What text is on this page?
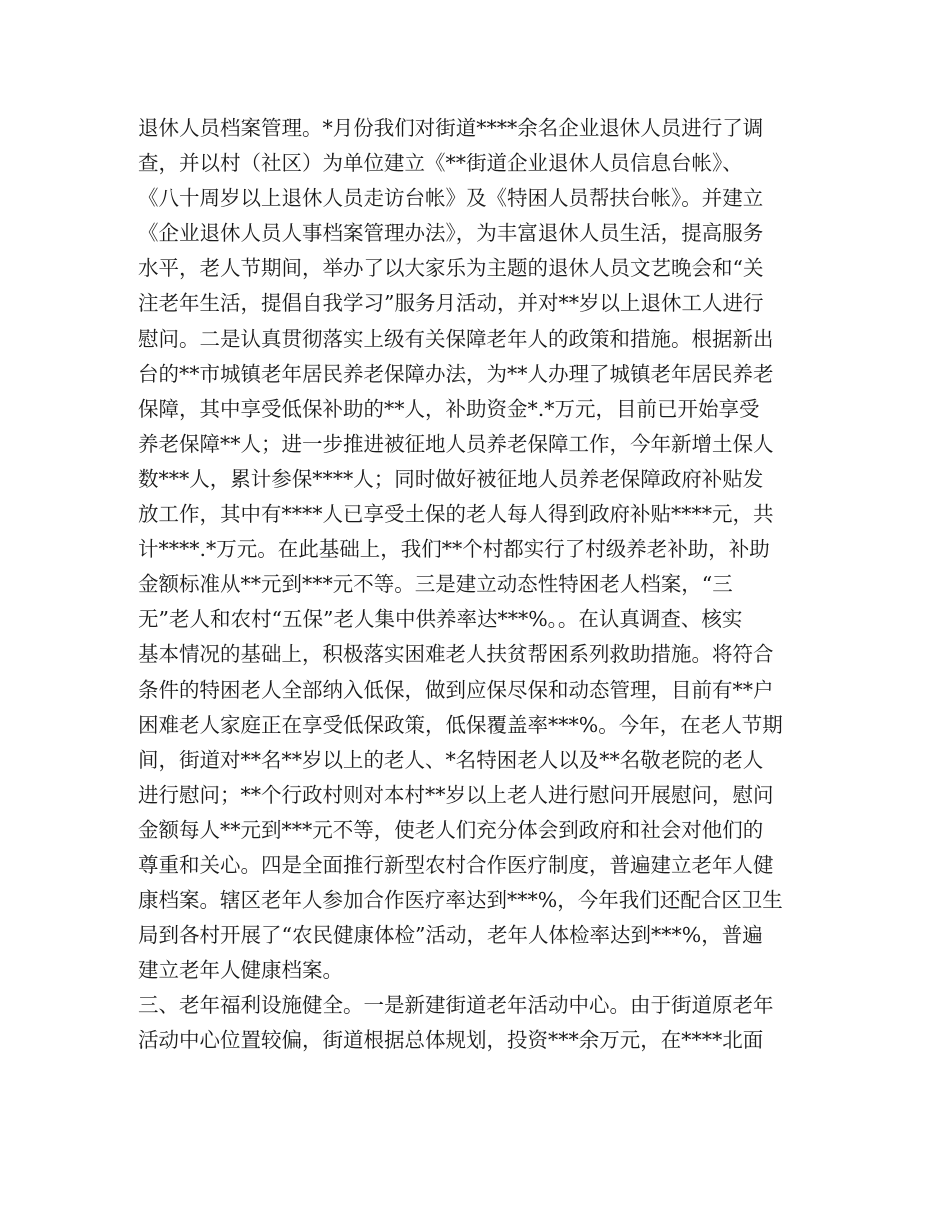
退休人员档案管理。*月份我们对街道****余名企业退休人员进行了调
查，并以村（社区）为单位建立《**街道企业退休人员信息台帐》、
《八十周岁以上退休人员走访台帐》及《特困人员帮扶台帐》。并建立
《企业退休人员人事档案管理办法》，为丰富退休人员生活，提高服务
水平，老人节期间，举办了以大家乐为主题的退休人员文艺晚会和“关
注老年生活，提倡自我学习”服务月活动，并对**岁以上退休工人进行
慰问。二是认真贯彻落实上级有关保障老年人的政策和措施。根据新出
台的**市城镇老年居民养老保障办法，为**人办理了城镇老年居民养老
保障，其中享受低保补助的**人，补助资金*.*万元，目前已开始享受
养老保障**人；进一步推进被征地人员养老保障工作，今年新增土保人
数***人，累计参保****人；同时做好被征地人员养老保障政府补贴发
放工作，其中有****人已享受土保的老人每人得到政府补贴****元，共
计****.*万元。在此基础上，我们**个村都实行了村级养老补助，补助
金额标准从**元到***元不等。三是建立动态性特困老人档案，“三
无”老人和农村“五保”老人集中供养率达***%。。在认真调查、核实
基本情况的基础上，积极落实困难老人扶贫帮困系列救助措施。将符合
条件的特困老人全部纳入低保，做到应保尽保和动态管理，目前有**户
困难老人家庭正在享受低保政策，低保覆盖率***%。今年，在老人节期
间，街道对**名**岁以上的老人、*名特困老人以及**名敬老院的老人
进行慰问；**个行政村则对本村**岁以上老人进行慰问开展慰问，慰问
金额每人**元到***元不等，使老人们充分体会到政府和社会对他们的
尊重和关心。四是全面推行新型农村合作医疗制度，普遍建立老年人健
康档案。辖区老年人参加合作医疗率达到***%，今年我们还配合区卫生
局到各村开展了“农民健康体检”活动，老年人体检率达到***%，普遍
建立老年人健康档案。
三、老年福利设施健全。一是新建街道老年活动中心。由于街道原老年
活动中心位置较偏，街道根据总体规划，投资***余万元，在****北面
